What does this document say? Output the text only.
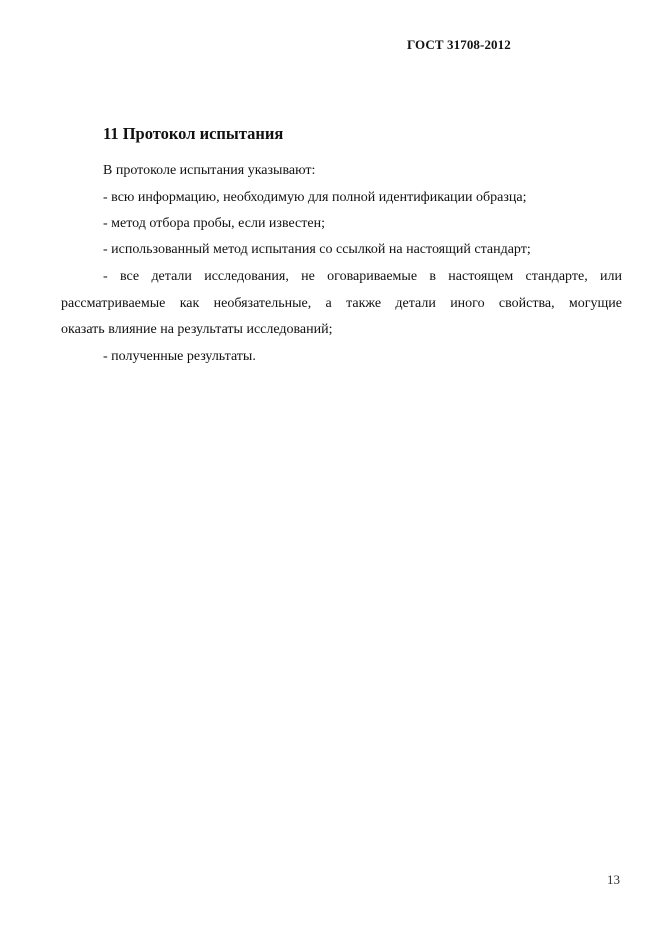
ГОСТ 31708-2012
11 Протокол испытания
В протоколе испытания указывают:
- всю информацию, необходимую для полной идентификации образца;
- метод отбора пробы, если известен;
- использованный метод испытания со ссылкой на настоящий стандарт;
- все детали исследования, не оговариваемые в настоящем стандарте, или
рассматриваемые как необязательные, а также детали иного свойства, могущие
оказать влияние на результаты исследований;
- полученные результаты.
13
